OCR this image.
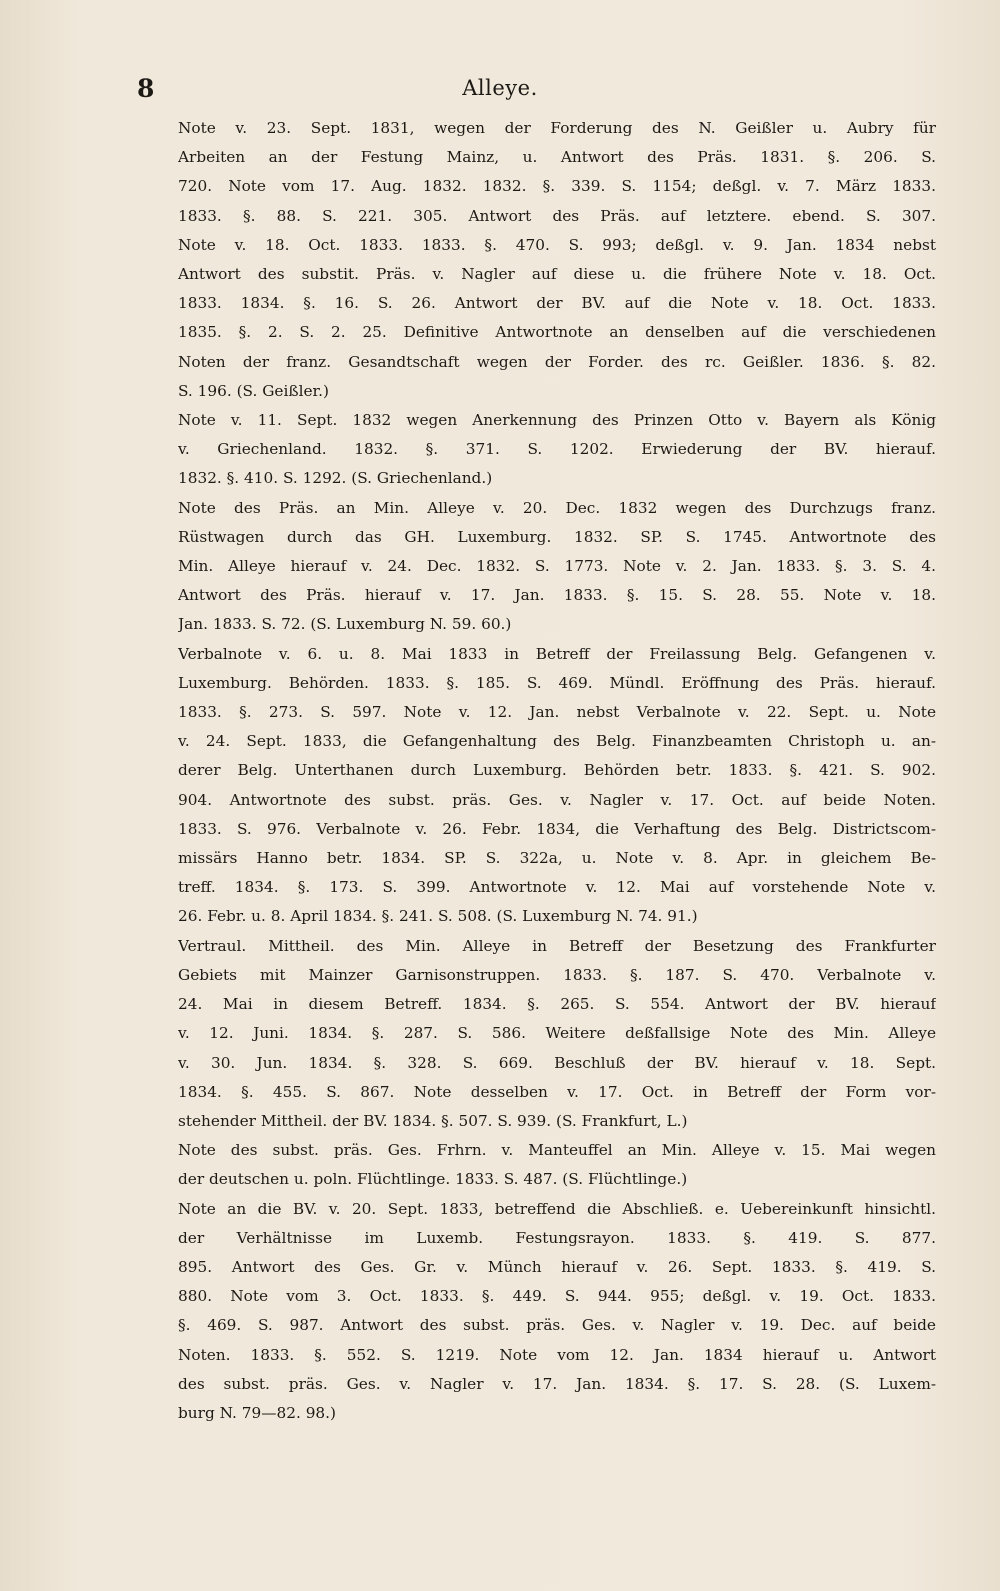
8	Alleye.
Note v. 23. Sept. 1831, wegen der Forderung des N. Geißler u. Aubry für
Arbeiten an der Festung Mainz, u. Antwort des Präs. 1831. §. 206. S.
720. Note vom 17. Aug. 1832. 1832. §. 339. S. 1154; deßgl. v. 7. März 1833.
1833. §. 88. S. 221. 305. Antwort des Präs. auf letztere. ebend. S. 307.
Note v. 18. Oct. 1833. 1833. §. 470. S. 993; deßgl. v. 9. Jan. 1834 nebst
Antwort des substit. Präs. v. Nagler auf diese u. die frühere Note v. 18. Oct.
1833. 1834. §. 16. S. 26. Antwort der BV. auf die Note v. 18. Oct. 1833.
1835. §. 2. S. 2. 25. Definitive Antwortnote an denselben auf die verschiedenen
Noten der franz. Gesandtschaft wegen der Forder. des rc. Geißler. 1836. §. 82.
S. 196. (S. Geißler.)
Note v. 11. Sept. 1832 wegen Anerkennung des Prinzen Otto v. Bayern als König
v. Griechenland. 1832. §. 371. S. 1202. Erwiederung der BV. hierauf.
1832. §. 410. S. 1292. (S. Griechenland.)
Note des Präs. an Min. Alleye v. 20. Dec. 1832 wegen des Durchzugs franz.
Rüstwagen durch das GH. Luxemburg. 1832. SP. S. 1745. Antwortnote des
Min. Alleye hierauf v. 24. Dec. 1832. S. 1773. Note v. 2. Jan. 1833. §. 3. S. 4.
Antwort des Präs. hierauf v. 17. Jan. 1833. §. 15. S. 28. 55. Note v. 18.
Jan. 1833. S. 72. (S. Luxemburg N. 59. 60.)
Verbalnote v. 6. u. 8. Mai 1833 in Betreff der Freilassung Belg. Gefangenen v.
Luxemburg. Behörden. 1833. §. 185. S. 469. Mündl. Eröffnung des Präs. hierauf.
1833. §. 273. S. 597. Note v. 12. Jan. nebst Verbalnote v. 22. Sept. u. Note
v. 24. Sept. 1833, die Gefangenhaltung des Belg. Finanzbeamten Christoph u. an-
derer Belg. Unterthanen durch Luxemburg. Behörden betr. 1833. §. 421. S. 902.
904. Antwortnote des subst. präs. Ges. v. Nagler v. 17. Oct. auf beide Noten.
1833. S. 976. Verbalnote v. 26. Febr. 1834, die Verhaftung des Belg. Districtscom-
missärs Hanno betr. 1834. SP. S. 322a, u. Note v. 8. Apr. in gleichem Be-
treff. 1834. §. 173. S. 399. Antwortnote v. 12. Mai auf vorstehende Note v.
26. Febr. u. 8. April 1834. §. 241. S. 508. (S. Luxemburg N. 74. 91.)
Vertraul. Mittheil. des Min. Alleye in Betreff der Besetzung des Frankfurter
Gebiets mit Mainzer Garnisonstruppen. 1833. §. 187. S. 470. Verbalnote v.
24. Mai in diesem Betreff. 1834. §. 265. S. 554. Antwort der BV. hierauf
v. 12. Juni. 1834. §. 287. S. 586. Weitere deßfallsige Note des Min. Alleye
v. 30. Jun. 1834. §. 328. S. 669. Beschluß der BV. hierauf v. 18. Sept.
1834. §. 455. S. 867. Note desselben v. 17. Oct. in Betreff der Form vor-
stehender Mittheil. der BV. 1834. §. 507. S. 939. (S. Frankfurt, L.)
Note des subst. präs. Ges. Frhrn. v. Manteuffel an Min. Alleye v. 15. Mai wegen
der deutschen u. poln. Flüchtlinge. 1833. S. 487. (S. Flüchtlinge.)
Note an die BV. v. 20. Sept. 1833, betreffend die Abschließ. e. Uebereinkunft hinsichtl.
der Verhältnisse im Luxemb. Festungsrayon. 1833. §. 419. S. 877.
895. Antwort des Ges. Gr. v. Münch hierauf v. 26. Sept. 1833. §. 419. S.
880. Note vom 3. Oct. 1833. §. 449. S. 944. 955; deßgl. v. 19. Oct. 1833.
§. 469. S. 987. Antwort des subst. präs. Ges. v. Nagler v. 19. Dec. auf beide
Noten. 1833. §. 552. S. 1219. Note vom 12. Jan. 1834 hierauf u. Antwort
des subst. präs. Ges. v. Nagler v. 17. Jan. 1834. §. 17. S. 28. (S. Luxem-
burg N. 79—82. 98.)
